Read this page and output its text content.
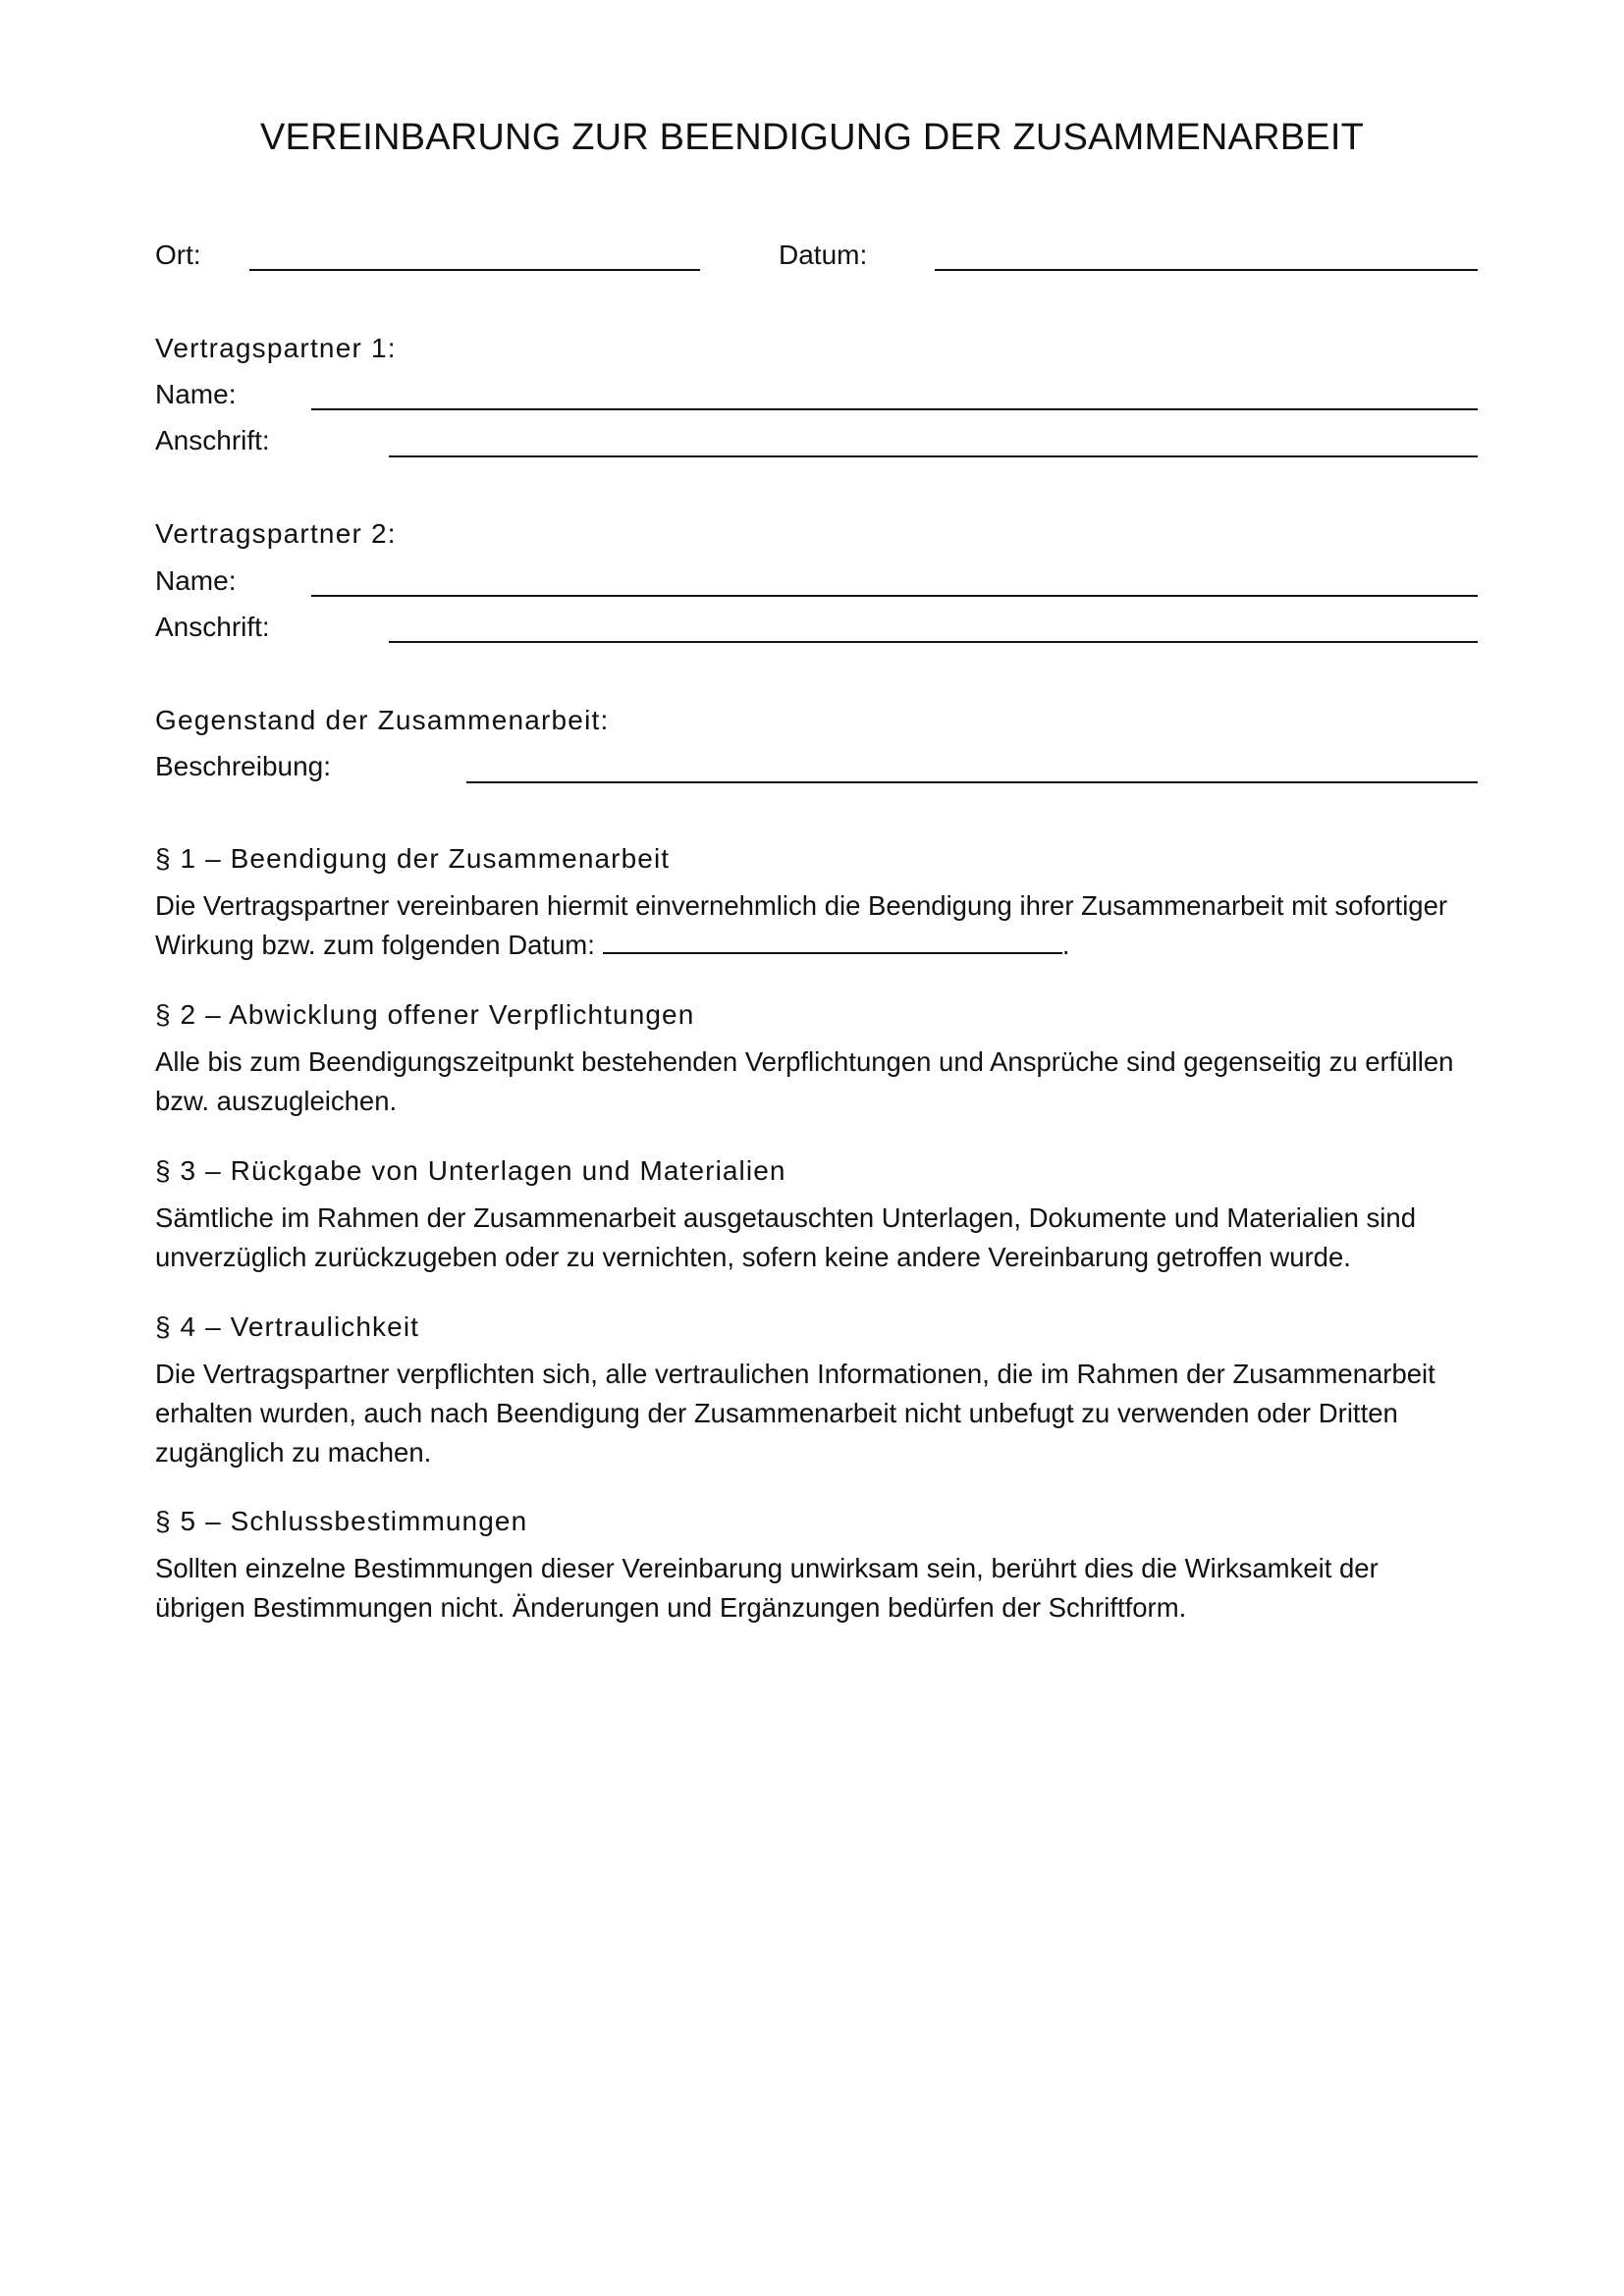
VEREINBARUNG ZUR BEENDIGUNG DER ZUSAMMENARBEIT
Ort:	Datum:
Vertragspartner 1:
Name:
Anschrift:
Vertragspartner 2:
Name:
Anschrift:
Gegenstand der Zusammenarbeit:
Beschreibung:
§ 1 – Beendigung der Zusammenarbeit

Die Vertragspartner vereinbaren hiermit einvernehmlich die Beendigung ihrer Zusammenarbeit mit sofortiger Wirkung bzw. zum folgenden Datum:	.

§ 2 – Abwicklung offener Verpflichtungen

Alle bis zum Beendigungszeitpunkt bestehenden Verpflichtungen und Ansprüche sind gegenseitig zu erfüllen bzw. auszugleichen.

§ 3 – Rückgabe von Unterlagen und Materialien

Sämtliche im Rahmen der Zusammenarbeit ausgetauschten Unterlagen, Dokumente und Materialien sind unverzüglich zurückzugeben oder zu vernichten, sofern keine andere Vereinbarung getroffen wurde.

§ 4 – Vertraulichkeit

Die Vertragspartner verpflichten sich, alle vertraulichen Informationen, die im Rahmen der Zusammenarbeit erhalten wurden, auch nach Beendigung der Zusammenarbeit nicht unbefugt zu verwenden oder Dritten zugänglich zu machen.

§ 5 – Schlussbestimmungen

Sollten einzelne Bestimmungen dieser Vereinbarung unwirksam sein, berührt dies die Wirksamkeit der übrigen Bestimmungen nicht. Änderungen und Ergänzungen bedürfen der Schriftform.
